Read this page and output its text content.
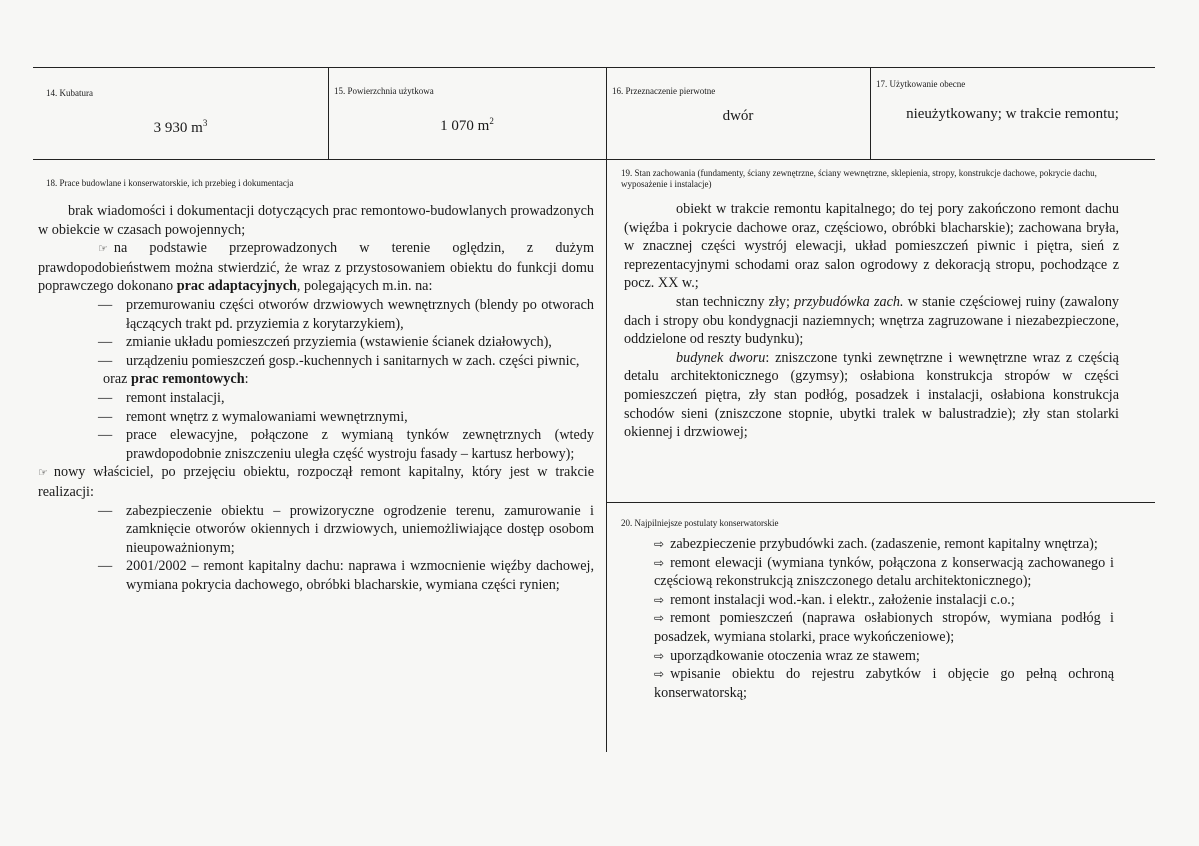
14. Kubatura
3 930 $m^3$
15. Powierzchnia użytkowa
1 070 $m^2$
16. Przeznaczenie pierwotne
dwór
17. Użytkowanie obecne
nieużytkowany; w trakcie remontu;
18. Prace budowlane i konserwatorskie, ich przebieg i dokumentacja

brak wiadomości i dokumentacji dotyczących prac remontowo-budowlanych prowadzonych w obiekcie w czasach powojennych;

☞ na podstawie przeprowadzonych w terenie oględzin, z dużym prawdopodobieństwem można stwierdzić, że wraz z przystosowaniem obiektu do funkcji domu poprawczego dokonano prac adaptacyjnych, polegających m.in. na:

— przemurowaniu części otworów drzwiowych wewnętrznych (blendy po otworach łączących trakt pd. przyziemia z korytarzykiem),
— zmianie układu pomieszczeń przyziemia (wstawienie ścianek działowych),
— urządzeniu pomieszczeń gosp.-kuchennych i sanitarnych w zach. części piwnic,

oraz prac remontowych:

— remont instalacji,
— remont wnętrz z wymalowaniami wewnętrznymi,
— prace elewacyjne, połączone z wymianą tynków zewnętrznych (wtedy prawdopodobnie zniszczeniu uległa część wystroju fasady – kartusz herbowy);

☞ nowy właściciel, po przejęciu obiektu, rozpoczął remont kapitalny, który jest w trakcie realizacji:

— zabezpieczenie obiektu – prowizoryczne ogrodzenie terenu, zamurowanie i zamknięcie otworów okiennych i drzwiowych, uniemożliwiające dostęp osobom nieupoważnionym;
— 2001/2002 – remont kapitalny dachu: naprawa i wzmocnienie więźby dachowej, wymiana pokrycia dachowego, obróbki blacharskie, wymiana części rynien;
19. Stan zachowania (fundamenty, ściany zewnętrzne, ściany wewnętrzne, sklepienia, stropy, konstrukcje dachowe, pokrycie dachu, wyposażenie i instalacje)

obiekt w trakcie remontu kapitalnego; do tej pory zakończono remont dachu (więźba i pokrycie dachowe oraz, częściowo, obróbki blacharskie); zachowana bryła, w znacznej części wystrój elewacji, układ pomieszczeń piwnic i piętra, sień z reprezentacyjnymi schodami oraz salon ogrodowy z dekoracją stropu, pochodzące z pocz. XX w.;

stan techniczny zły; przybudówka zach. w stanie częściowej ruiny (zawalony dach i stropy obu kondygnacji naziemnych; wnętrza zagruzowane i niezabezpieczone, oddzielone od reszty budynku);

budynek dworu: zniszczone tynki zewnętrzne i wewnętrzne wraz z częścią detalu architektonicznego (gzymsy); osłabiona konstrukcja stropów w części pomieszczeń piętra, zły stan podłóg, posadzek i instalacji, osłabiona konstrukcja schodów sieni (zniszczone stopnie, ubytki tralek w balustradzie); zły stan stolarki okiennej i drzwiowej;

20. Najpilniejsze postulaty konserwatorskie
⇨ zabezpieczenie przybudówki zach. (zadaszenie, remont kapitalny wnętrza);
⇨ remont elewacji (wymiana tynków, połączona z konserwacją zachowanego i częściową rekonstrukcją zniszczonego detalu architektonicznego);
⇨ remont instalacji wod.-kan. i elektr., założenie instalacji c.o.;
⇨ remont pomieszczeń (naprawa osłabionych stropów, wymiana podłóg i posadzek, wymiana stolarki, prace wykończeniowe);
⇨ uporządkowanie otoczenia wraz ze stawem;
⇨ wpisanie obiektu do rejestru zabytków i objęcie go pełną ochroną konserwatorską;
